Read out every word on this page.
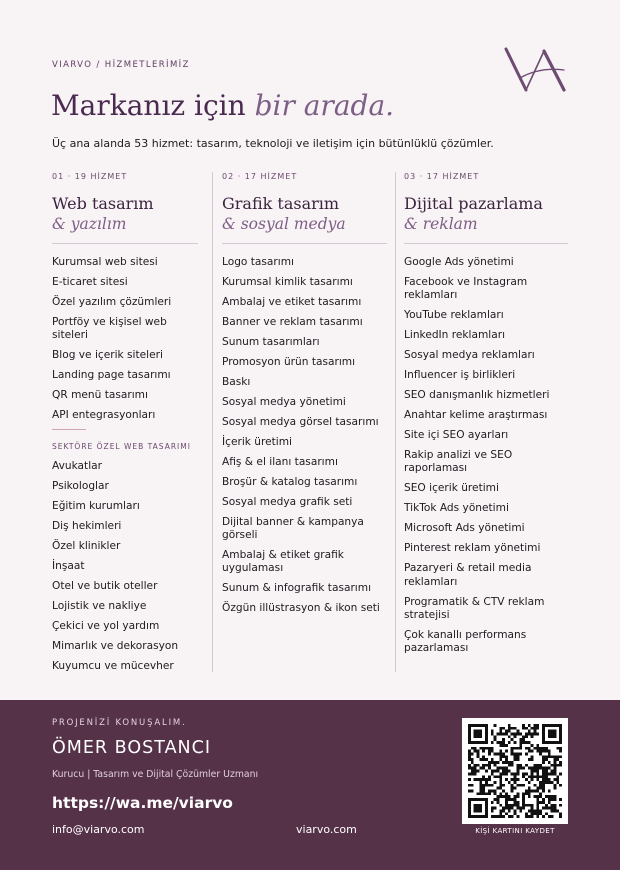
VIARVO / HİZMETLERİMİZ
Markanız için bir arada.
Üç ana alanda 53 hizmet: tasarım, teknoloji ve iletişim için bütünlüklü çözümler.
01 · 19 HİZMET
Web tasarım
& yazılım
Kurumsal web sitesi
E-ticaret sitesi
Özel yazılım çözümleri
Portföy ve kişisel web siteleri
Blog ve içerik siteleri
Landing page tasarımı
QR menü tasarımı
API entegrasyonları
SEKTÖRE ÖZEL WEB TASARIMI
Avukatlar
Psikologlar
Eğitim kurumları
Diş hekimleri
Özel klinikler
İnşaat
Otel ve butik oteller
Lojistik ve nakliye
Çekici ve yol yardım
Mimarlık ve dekorasyon
Kuyumcu ve mücevher
02 · 17 HİZMET
Grafik tasarım
& sosyal medya
Logo tasarımı
Kurumsal kimlik tasarımı
Ambalaj ve etiket tasarımı
Banner ve reklam tasarımı
Sunum tasarımları
Promosyon ürün tasarımı
Baskı
Sosyal medya yönetimi
Sosyal medya görsel tasarımı
İçerik üretimi
Afiş & el ilanı tasarımı
Broşür & katalog tasarımı
Sosyal medya grafik seti
Dijital banner & kampanya görseli
Ambalaj & etiket grafik uygulaması
Sunum & infografik tasarımı
Özgün illüstrasyon & ikon seti
03 · 17 HİZMET
Dijital pazarlama
& reklam
Google Ads yönetimi
Facebook ve Instagram reklamları
YouTube reklamları
LinkedIn reklamları
Sosyal medya reklamları
Influencer iş birlikleri
SEO danışmanlık hizmetleri
Anahtar kelime araştırması
Site içi SEO ayarları
Rakip analizi ve SEO raporlaması
SEO içerik üretimi
TikTok Ads yönetimi
Microsoft Ads yönetimi
Pinterest reklam yönetimi
Pazaryeri & retail media reklamları
Programatik & CTV reklam stratejisi
Çok kanallı performans pazarlaması
PROJENİZİ KONUŞALIM.
ÖMER BOSTANCI
Kurucu | Tasarım ve Dijital Çözümler Uzmanı
https://wa.me/viarvo
info@viarvo.com	viarvo.com	KİŞİ KARTINI KAYDET
